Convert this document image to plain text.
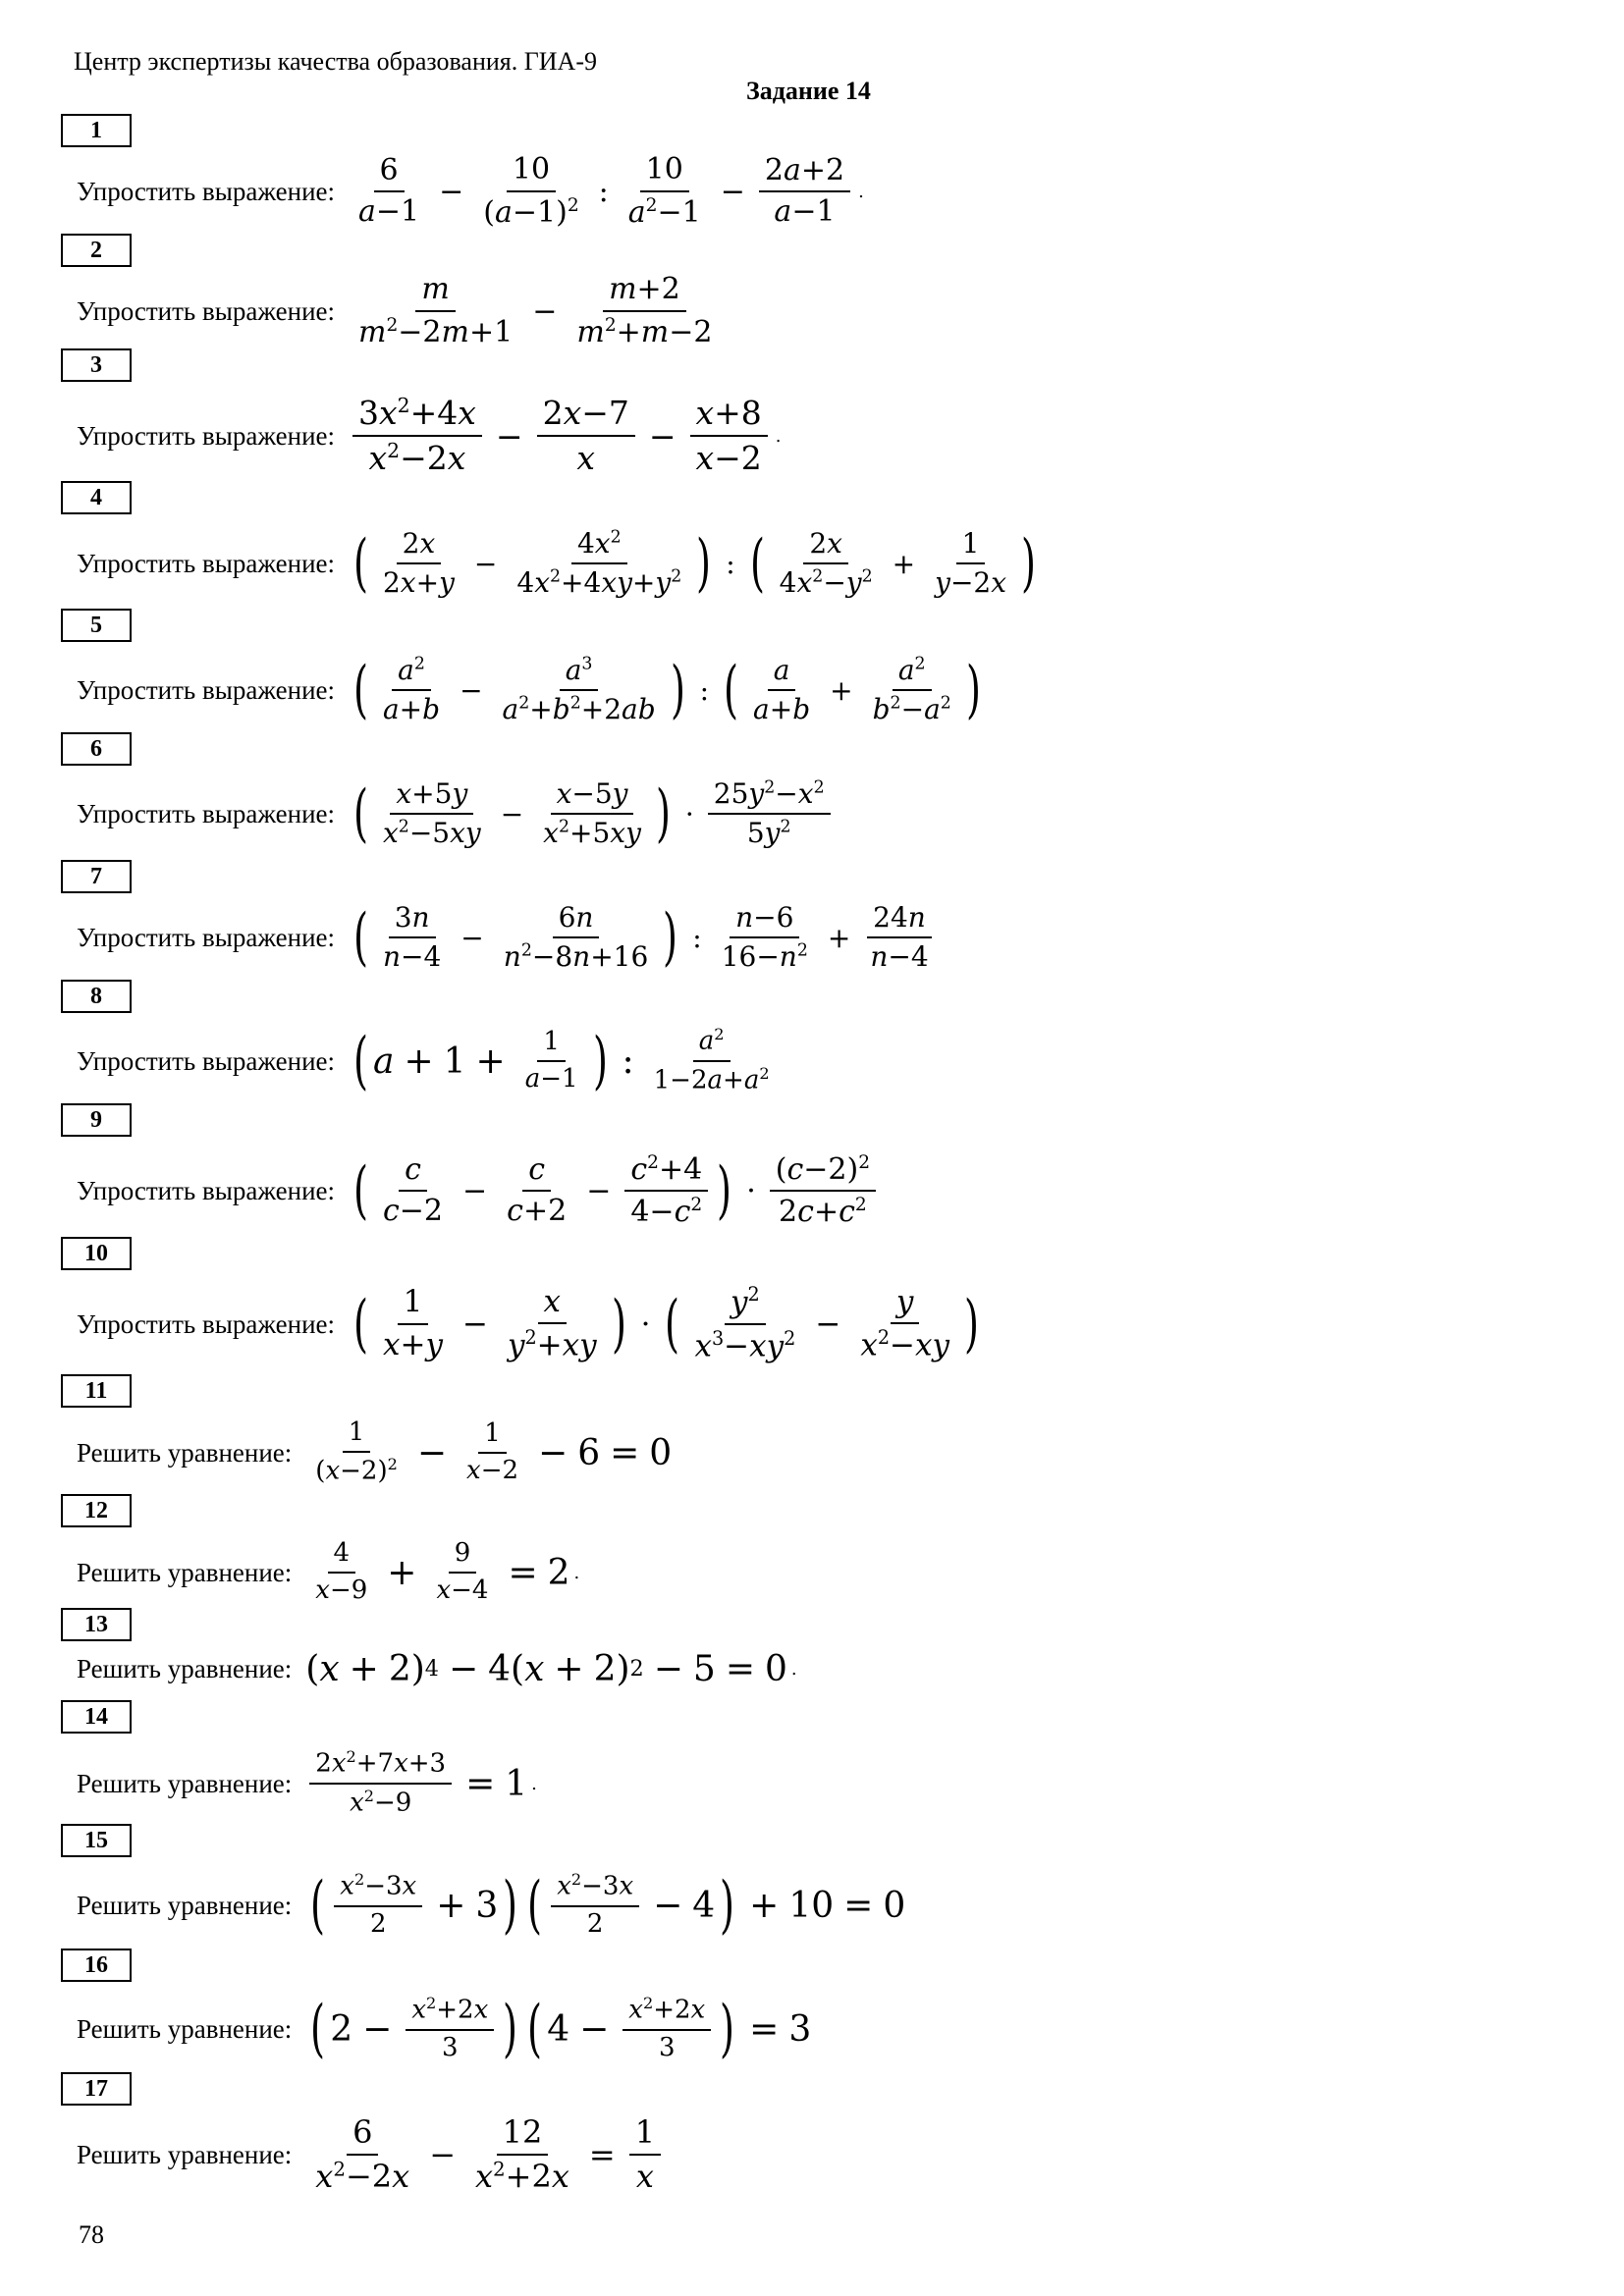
Центр экспертизы качества образования. ГИА-9
Задание 14
1
Упростить выражение: $\frac{6}{a-1} - \frac{10}{(a-1)^2}$ : $\frac{10}{a^2-1} - \frac{2a+2}{a-1}$ .
2
Упростить выражение: $\frac{m}{m^2-2m+1} - \frac{m+2}{m^2+m-2}$
3
Упростить выражение: $\frac{3x^2+4x}{x^2-2x} - \frac{2x-7}{x} - \frac{x+8}{x-2}$ .
4
Упростить выражение: ( $\frac{2x}{2x+y} - \frac{4x^2}{4x^2+4xy+y^2}$ ) : ( $\frac{2x}{4x^2-y^2} + \frac{1}{y-2x}$ )
5
Упростить выражение: ( $\frac{a^2}{a+b} - \frac{a^3}{a^2+b^2+2ab}$ ) : ( $\frac{a}{a+b} + \frac{a^2}{b^2-a^2}$ )
6
Упростить выражение: ( $\frac{x+5y}{x^2-5xy} - \frac{x-5y}{x^2+5xy}$ ) · $\frac{25y^2-x^2}{5y^2}$
7
Упростить выражение: ( $\frac{3n}{n-4} - \frac{6n}{n^2-8n+16}$ ) : $\frac{n-6}{16-n^2} + \frac{24n}{n-4}$
8
Упростить выражение: ( $a + 1 + \frac{1}{a-1}$ ) : $\frac{a^2}{1-2a+a^2}$
9
Упростить выражение: ( $\frac{c}{c-2} - \frac{c}{c+2} - \frac{c^2+4}{4-c^2}$ ) · $\frac{(c-2)^2}{2c+c^2}$
10
Упростить выражение: ( $\frac{1}{x+y} - \frac{x}{y^2+xy}$ ) · ( $\frac{y^2}{x^3-xy^2} - \frac{y}{x^2-xy}$ )
11
Решить уравнение: $\frac{1}{(x-2)^2} - \frac{1}{x-2} - 6 = 0$
12
Решить уравнение: $\frac{4}{x-9} + \frac{9}{x-4} = 2$ .
13
Решить уравнение: ( x + 2) 4 − 4( x + 2) 2 − 5 = 0 .
14
Решить уравнение: $\frac{2x^2+7x+3}{x^2-9} = 1$ .
15
Решить уравнение: ( $\frac{x^2-3x}{2} + 3$ ) ( $\frac{x^2-3x}{2} - 4$ ) + 10 = 0
16
Решить уравнение: ( $2 - \frac{x^2+2x}{3}$ ) ( $4 - \frac{x^2+2x}{3}$ ) = 3
17
Решить уравнение: $\frac{6}{x^2-2x} - \frac{12}{x^2+2x} = \frac{1}{x}$
78
